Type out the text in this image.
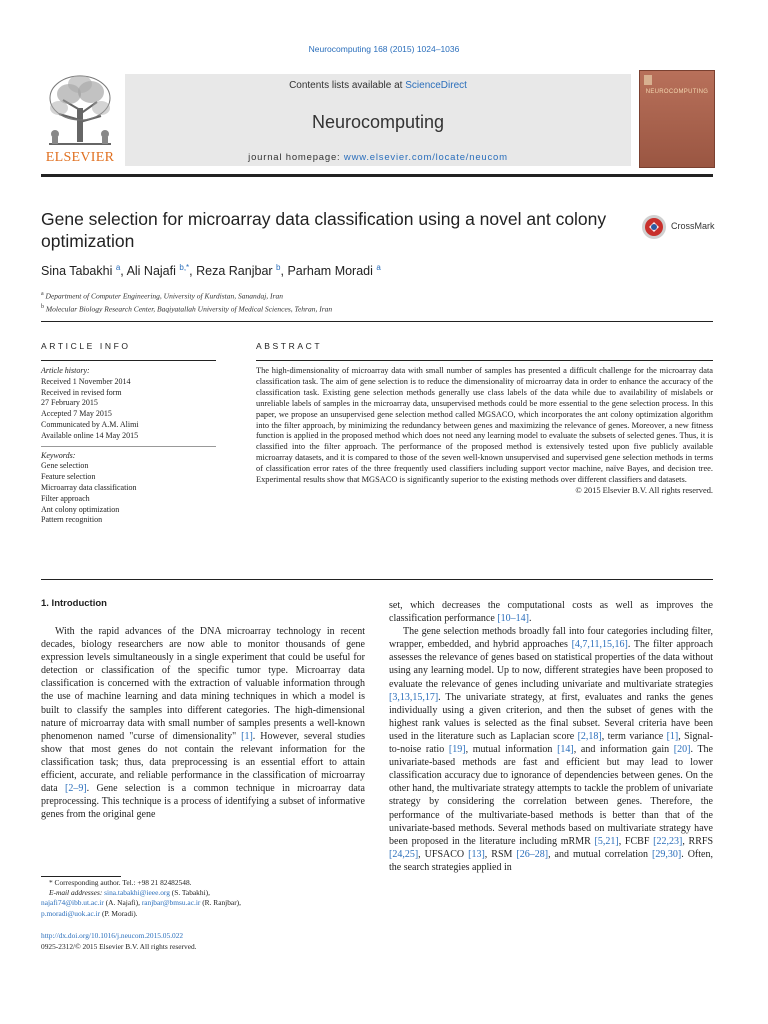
Neurocomputing 168 (2015) 1024–1036
ELSEVIER
Contents lists available at ScienceDirect
Neurocomputing
journal homepage: www.elsevier.com/locate/neucom
NEUROCOMPUTING
Gene selection for microarray data classification using a novel ant colony optimization
CrossMark
Sina Tabakhi $^a$, Ali Najafi $^{b,*}$, Reza Ranjbar $^b$, Parham Moradi $^a$
$^a$ Department of Computer Engineering, University of Kurdistan, Sanandaj, Iran
$^b$ Molecular Biology Research Center, Baqiyatallah University of Medical Sciences, Tehran, Iran
ARTICLE INFO	ABSTRACT
Article history:
Received 1 November 2014
Received in revised form
27 February 2015
Accepted 7 May 2015
Communicated by A.M. Alimi
Available online 14 May 2015
Keywords:
Gene selection
Feature selection
Microarray data classification
Filter approach
Ant colony optimization
Pattern recognition
The high-dimensionality of microarray data with small number of samples has presented a difficult challenge for the microarray data classification task. The aim of gene selection is to reduce the dimensionality of microarray data in order to enhance the accuracy of the classification task. Existing gene selection methods generally use class labels of the data while due to availability of mislabels or unreliable labels of samples in the microarray data, unsupervised methods could be more essential to the gene selection process. In this paper, we propose an unsupervised gene selection method called MGSACO, which incorporates the ant colony optimization algorithm into the filter approach, by minimizing the redundancy between genes and maximizing the relevance of genes. Moreover, a new fitness function is applied in the proposed method which does not need any learning model to evaluate the subsets of selected genes. Thus, it is classified into the filter approach. The performance of the proposed method is extensively tested upon five publicly available microarray datasets, and it is compared to those of the seven well-known unsupervised and supervised gene selection methods in terms of classification error rates of the three frequently used classifiers including support vector machine, naïve Bayes, and decision tree. Experimental results show that MGSACO is significantly superior to the existing methods over different classifiers and datasets.
© 2015 Elsevier B.V. All rights reserved.
1. Introduction

With the rapid advances of the DNA microarray technology in recent decades, biology researchers are now able to monitor thousands of gene expression levels simultaneously in a single experiment that could be useful for detection or classification of the specific tumor type. Microarray data classification is concerned with the extraction of valuable information through the use of machine learning and data mining techniques in which a model is built to classify the samples into different categories. The high-dimensional nature of microarray data with small number of samples presents a well-known phenomenon named "curse of dimensionality" [1]. However, several studies show that most genes do not contain the relevant information for the classification task; thus, data preprocessing is an essential effort to attain efficient, accurate, and reliable performance in the classification of microarray data [2–9]. Gene selection is a common technique in microarray data preprocessing. This technique is a process of identifying a subset of informative genes from the original gene

set, which decreases the computational costs as well as improves the classification performance [10–14].

The gene selection methods broadly fall into four categories including filter, wrapper, embedded, and hybrid approaches [4,7,11,15,16]. The filter approach assesses the relevance of genes based on statistical properties of the data without using any learning model. Up to now, different strategies have been proposed to evaluate the relevance of genes including univariate and multivariate strategies [3,13,15,17]. The univariate strategy, at first, evaluates and ranks the genes individually using a given criterion, and then the subset of genes with the highest rank values is selected as the final subset. Several criteria have been used in the literature such as Laplacian score [2,18], term variance [1], Signal-to-noise ratio [19], mutual information [14], and information gain [20]. The univariate-based methods are fast and efficient but may lead to lower classification accuracy due to ignorance of dependencies between genes. On the other hand, the multivariate strategy attempts to tackle the problem of univariate strategy by considering the correlation between genes. Therefore, the performance of the multivariate-based methods is better than that of the univariate-based methods. Several methods based on multivariate strategy have been proposed in the literature including mRMR [5,21], FCBF [22,23], RRFS [24,25], UFSACO [13], RSM [26–28], and mutual correlation [29,30]. Often, the search strategies applied in

* Corresponding author. Tel.: +98 21 82482548.
E-mail addresses: sina.tabakhi@ieee.org (S. Tabakhi),
najafi74@ibb.ut.ac.ir (A. Najafi), ranjbar@bmsu.ac.ir (R. Ranjbar),
p.moradi@uok.ac.ir (P. Moradi).
http://dx.doi.org/10.1016/j.neucom.2015.05.022
0925-2312/© 2015 Elsevier B.V. All rights reserved.
